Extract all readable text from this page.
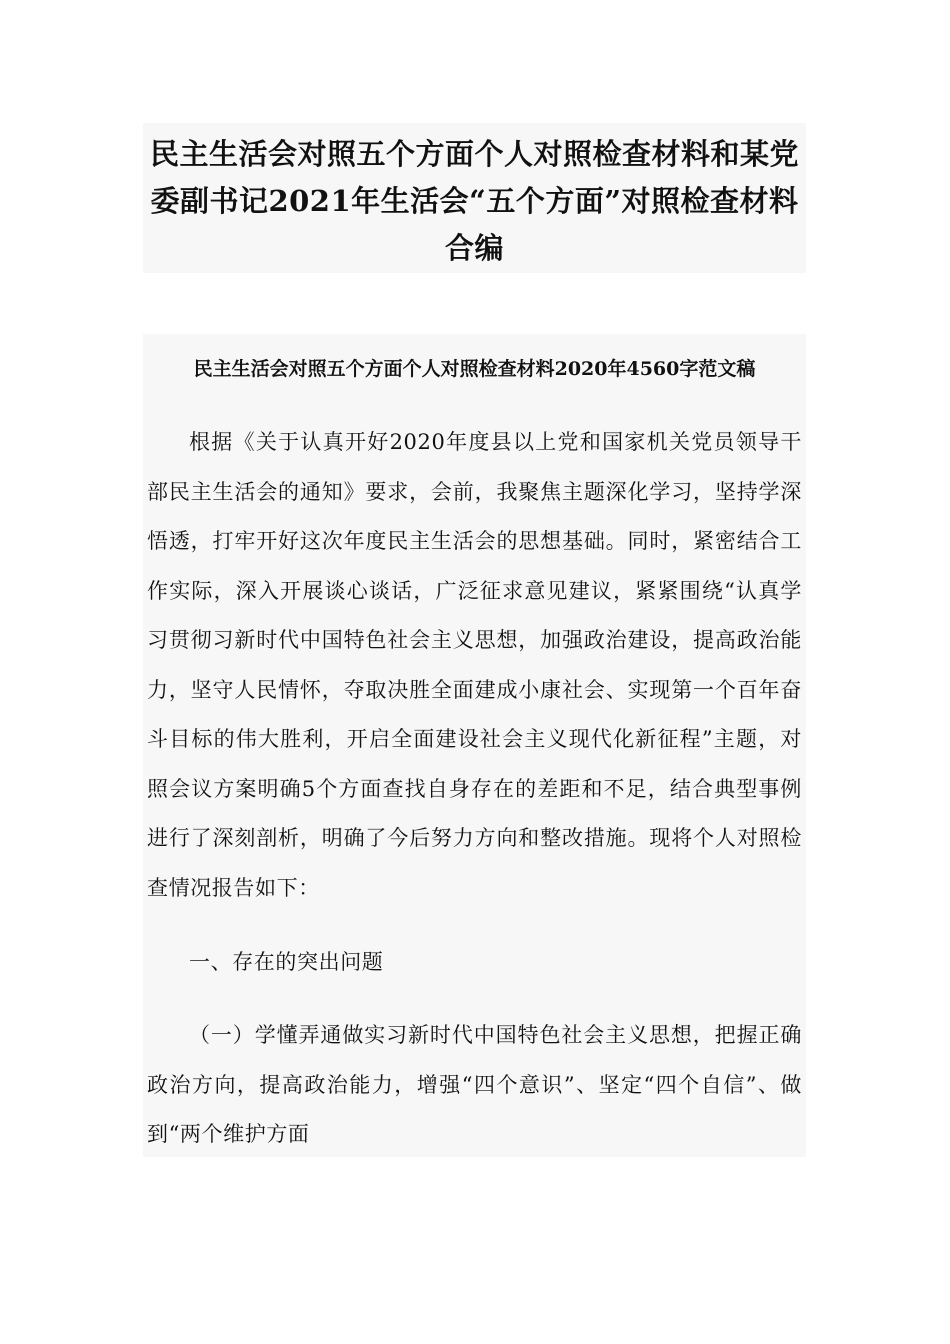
民主生活会对照五个方面个人对照检查材料和某党委副书记2021年生活会“五个方面”对照检查材料合编
民主生活会对照五个方面个人对照检查材料2020年4560字范文稿

根据《关于认真开好2020年度县以上党和国家机关党员领导干部民主生活会的通知》要求，会前，我聚焦主题深化学习，坚持学深悟透，打牢开好这次年度民主生活会的思想基础。同时，紧密结合工作实际，深入开展谈心谈话，广泛征求意见建议，紧紧围绕“认真学习贯彻习新时代中国特色社会主义思想，加强政治建设，提高政治能力，坚守人民情怀，夺取决胜全面建成小康社会、实现第一个百年奋斗目标的伟大胜利，开启全面建设社会主义现代化新征程”主题，对照会议方案明确5个方面查找自身存在的差距和不足，结合典型事例进行了深刻剖析，明确了今后努力方向和整改措施。现将个人对照检查情况报告如下：

一、存在的突出问题

（一）学懂弄通做实习新时代中国特色社会主义思想，把握正确政治方向，提高政治能力，增强“四个意识”、坚定“四个自信”、做到“两个维护方面
